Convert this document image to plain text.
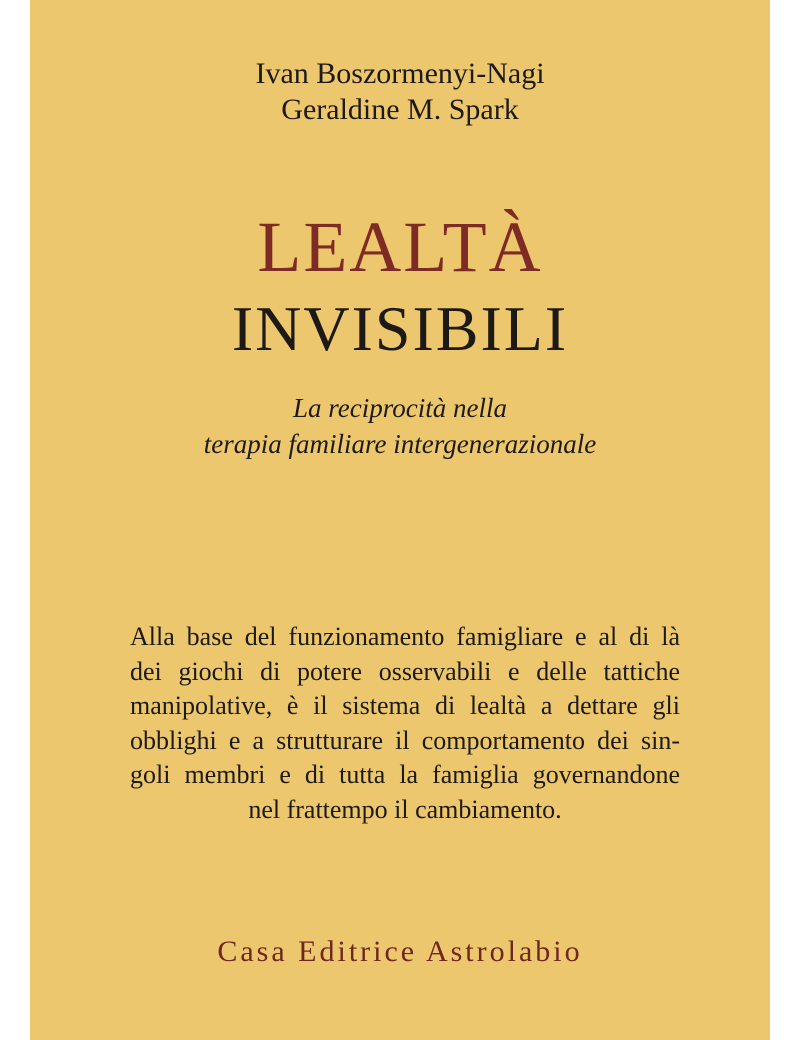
Ivan Boszormenyi-Nagi
Geraldine M. Spark
LEALTÀ
INVISIBILI
La reciprocità nella
terapia familiare intergenerazionale
Alla base del funzionamento famigliare e al di là
dei giochi di potere osservabili e delle tattiche
manipolative, è il sistema di lealtà a dettare gli
obblighi e a strutturare il comportamento dei sin-
goli membri e di tutta la famiglia governandone
nel frattempo il cambiamento.
Casa Editrice Astrolabio
